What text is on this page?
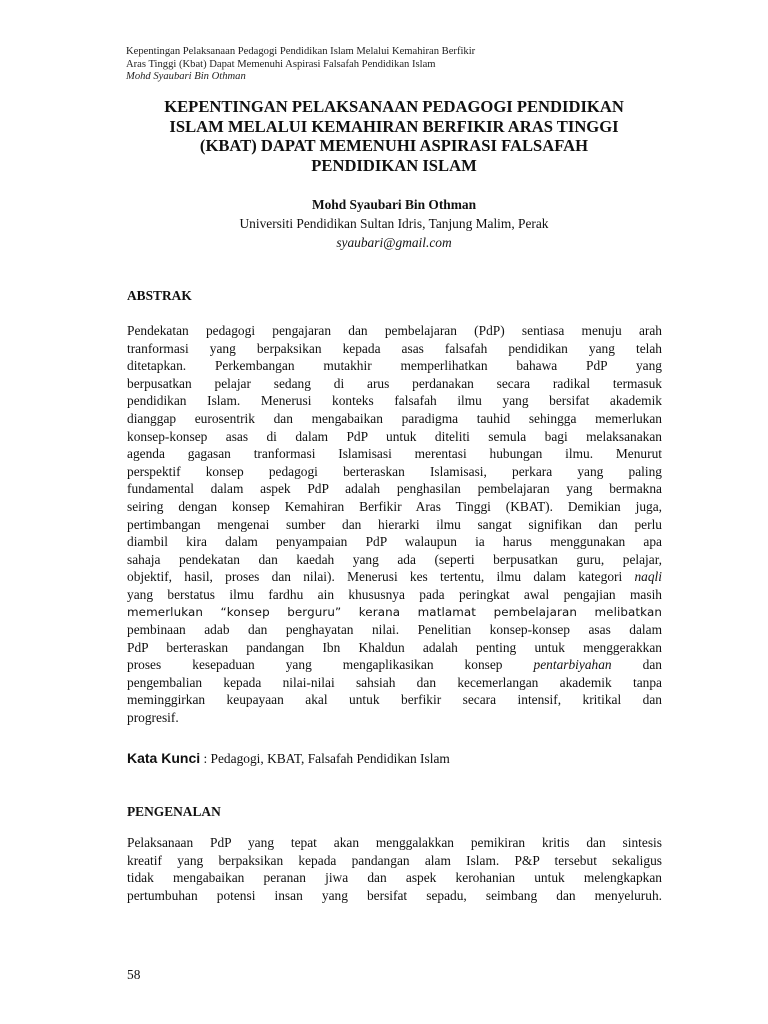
Kepentingan Pelaksanaan Pedagogi Pendidikan Islam Melalui Kemahiran Berfikir
Aras Tinggi (Kbat) Dapat Memenuhi Aspirasi Falsafah Pendidikan Islam
Mohd Syaubari Bin Othman
KEPENTINGAN PELAKSANAAN PEDAGOGI PENDIDIKAN
ISLAM MELALUI KEMAHIRAN BERFIKIR ARAS TINGGI
(KBAT) DAPAT MEMENUHI ASPIRASI FALSAFAH
PENDIDIKAN ISLAM
Mohd Syaubari Bin Othman
Universiti Pendidikan Sultan Idris, Tanjung Malim, Perak
syaubari@gmail.com
ABSTRAK
Pendekatan pedagogi pengajaran dan pembelajaran (PdP) sentiasa menuju arah
tranformasi yang berpaksikan kepada asas falsafah pendidikan yang telah
ditetapkan. Perkembangan mutakhir memperlihatkan bahawa PdP yang
berpusatkan pelajar sedang di arus perdanakan secara radikal termasuk
pendidikan Islam. Menerusi konteks falsafah ilmu yang bersifat akademik
dianggap eurosentrik dan mengabaikan paradigma tauhid sehingga memerlukan
konsep-konsep asas di dalam PdP untuk diteliti semula bagi melaksanakan
agenda gagasan tranformasi Islamisasi merentasi hubungan ilmu. Menurut
perspektif konsep pedagogi berteraskan Islamisasi, perkara yang paling
fundamental dalam aspek PdP adalah penghasilan pembelajaran yang bermakna
seiring dengan konsep Kemahiran Berfikir Aras Tinggi (KBAT). Demikian juga,
pertimbangan mengenai sumber dan hierarki ilmu sangat signifikan dan perlu
diambil kira dalam penyampaian PdP walaupun ia harus menggunakan apa
sahaja pendekatan dan kaedah yang ada (seperti berpusatkan guru, pelajar,
objektif, hasil, proses dan nilai). Menerusi kes tertentu, ilmu dalam kategori naqli
yang berstatus ilmu fardhu ain khususnya pada peringkat awal pengajian masih
memerlukan “konsep berguru” kerana matlamat pembelajaran melibatkan
pembinaan adab dan penghayatan nilai. Penelitian konsep-konsep asas dalam
PdP berteraskan pandangan Ibn Khaldun adalah penting untuk menggerakkan
proses kesepaduan yang mengaplikasikan konsep pentarbiyahan dan
pengembalian kepada nilai-nilai sahsiah dan kecemerlangan akademik tanpa
meminggirkan keupayaan akal untuk berfikir secara intensif, kritikal dan
progresif.
Kata Kunci : Pedagogi, KBAT, Falsafah Pendidikan Islam
PENGENALAN
Pelaksanaan PdP yang tepat akan menggalakkan pemikiran kritis dan sintesis
kreatif yang berpaksikan kepada pandangan alam Islam. P&P tersebut sekaligus
tidak mengabaikan peranan jiwa dan aspek kerohanian untuk melengkapkan
pertumbuhan potensi insan yang bersifat sepadu, seimbang dan menyeluruh.
58
